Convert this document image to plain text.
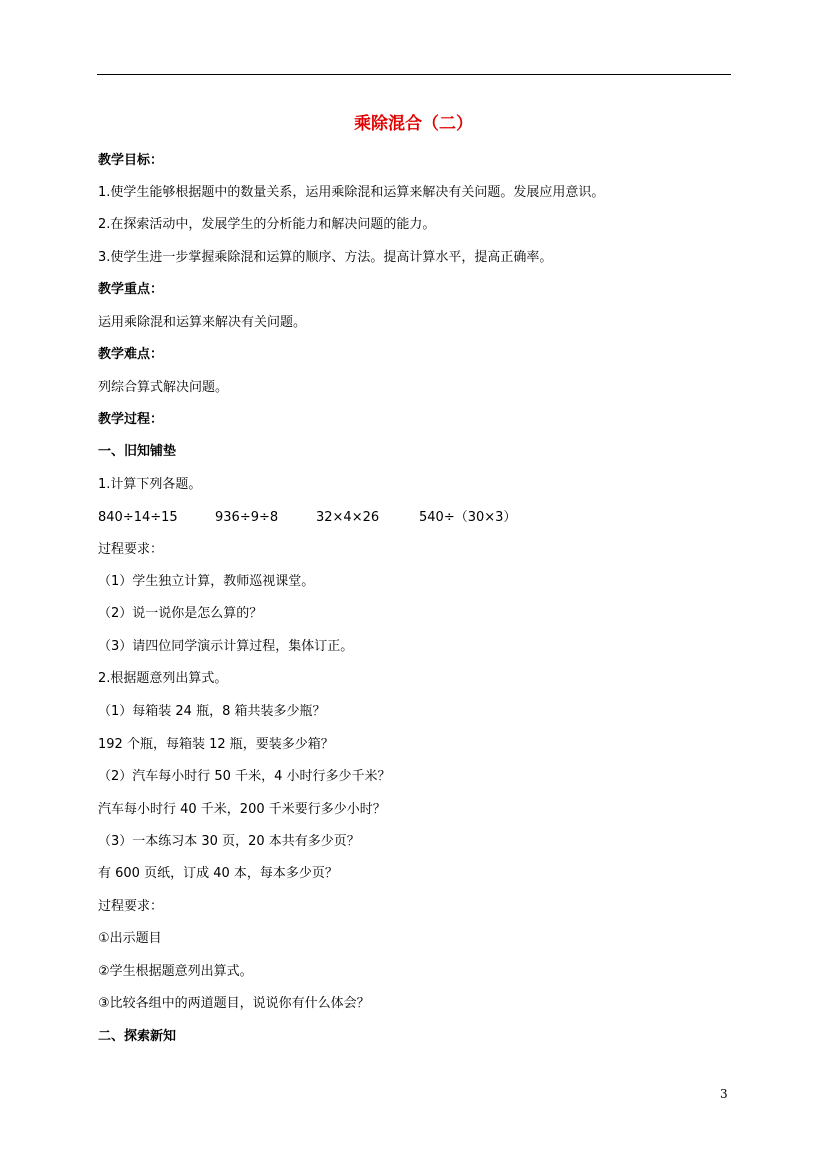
乘除混合（二）
教学目标：
1.使学生能够根据题中的数量关系，运用乘除混和运算来解决有关问题。发展应用意识。
2.在探索活动中，发展学生的分析能力和解决问题的能力。
3.使学生进一步掌握乘除混和运算的顺序、方法。提高计算水平，提高正确率。
教学重点：
运用乘除混和运算来解决有关问题。
教学难点：
列综合算式解决问题。
教学过程：
一、旧知铺垫
1.计算下列各题。
840÷14÷15	936÷9÷8	32×4×26	540÷（30×3）
过程要求：
（1）学生独立计算，教师巡视课堂。
（2）说一说你是怎么算的？
（3）请四位同学演示计算过程，集体订正。
2.根据题意列出算式。
（1）每箱装 24 瓶，8 箱共装多少瓶？
192 个瓶，每箱装 12 瓶，要装多少箱？
（2）汽车每小时行 50 千米，4 小时行多少千米？
汽车每小时行 40 千米，200 千米要行多少小时？
（3）一本练习本 30 页，20 本共有多少页？
有 600 页纸，订成 40 本，每本多少页？
过程要求：
①出示题目
②学生根据题意列出算式。
③比较各组中的两道题目，说说你有什么体会？
二、探索新知
3
